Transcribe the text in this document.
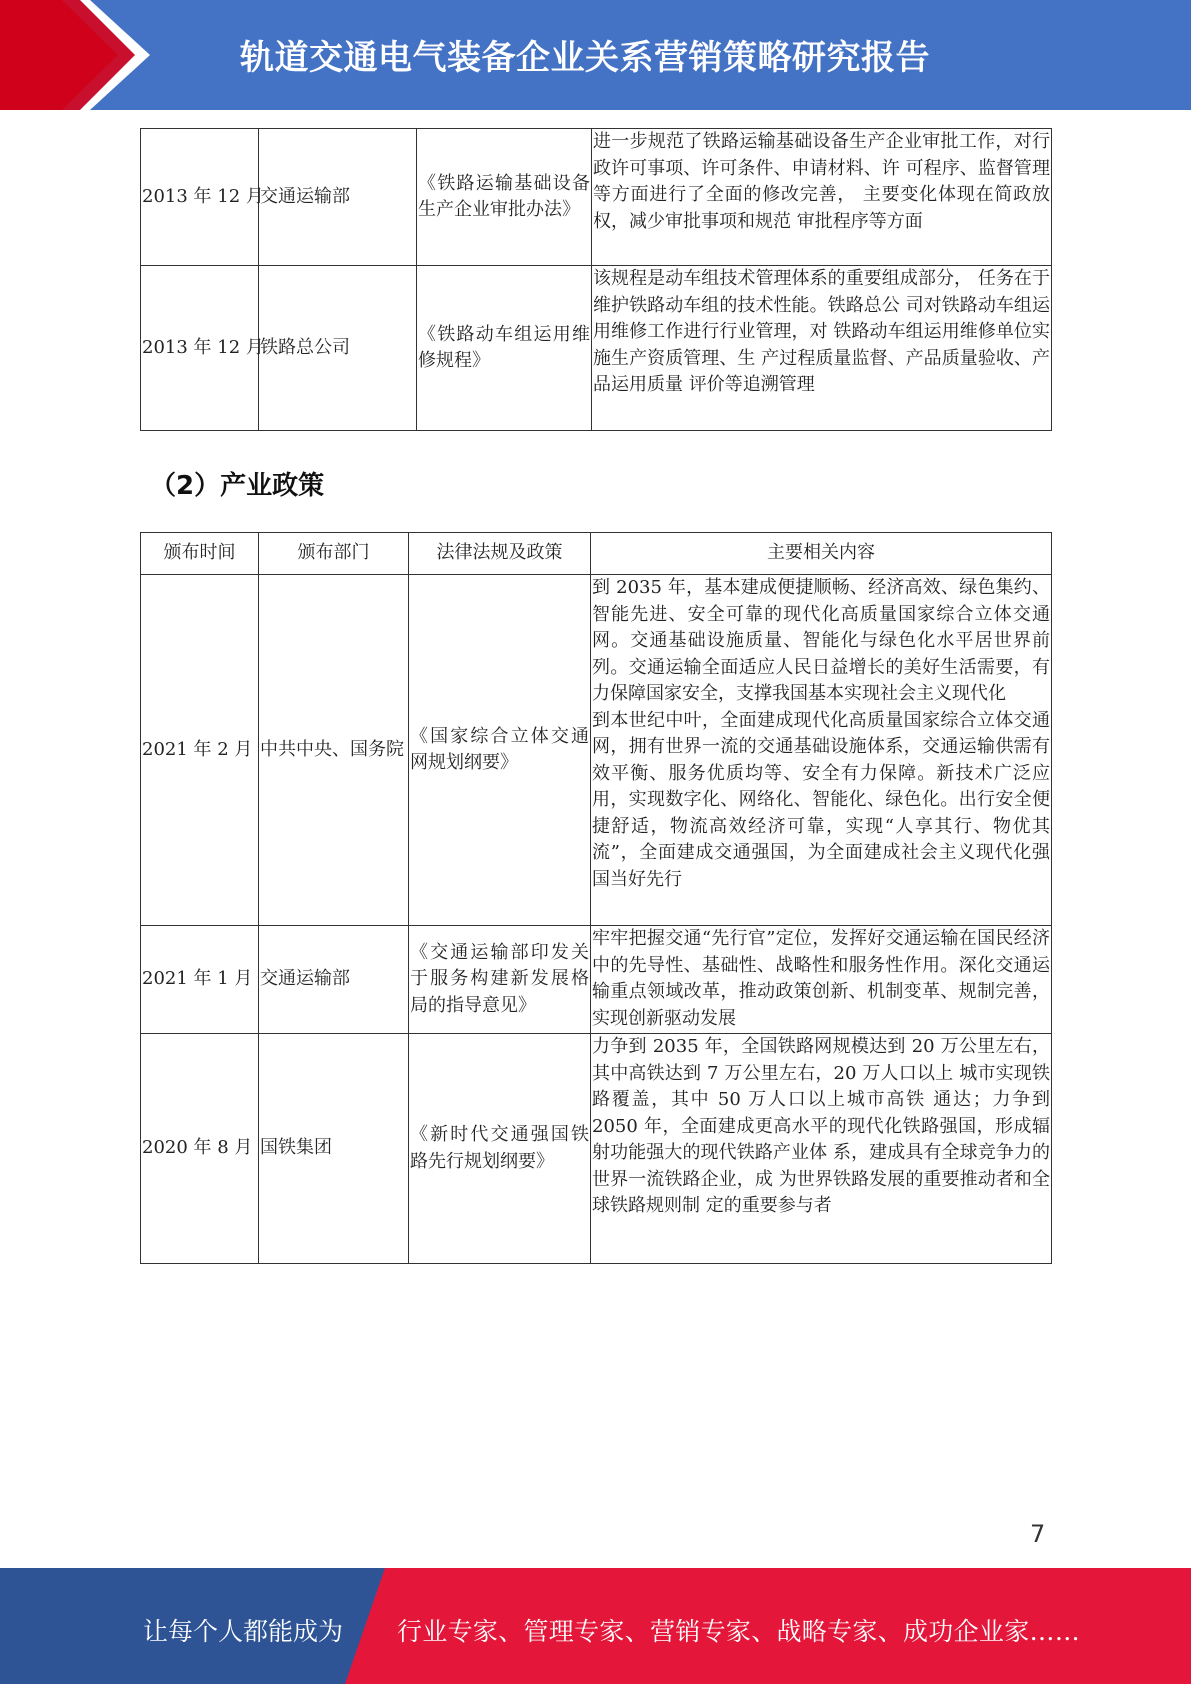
轨道交通电气装备企业关系营销策略研究报告
2013 年 12 月	交通运输部	《铁路运输基础设备生产企业审批办法》	进一步规范了铁路运输基础设备生产企业审批工作，对行政许可事项、许可条件、申请材料、许 可程序、监督管理等方面进行了全面的修改完善， 主要变化体现在简政放权，减少审批事项和规范 审批程序等方面
2013 年 12 月	铁路总公司	《铁路动车组运用维修规程》	该规程是动车组技术管理体系的重要组成部分， 任务在于维护铁路动车组的技术性能。铁路总公 司对铁路动车组运用维修工作进行行业管理，对 铁路动车组运用维修单位实施生产资质管理、生 产过程质量监督、产品质量验收、产品运用质量 评价等追溯管理
（2）产业政策
颁布时间	颁布部门	法律法规及政策	主要相关内容
2021 年 2 月	中共中央、国务院	《国家综合立体交通网规划纲要》	到 2035 年，基本建成便捷顺畅、经济高效、绿色集约、智能先进、安全可靠的现代化高质量国家综合立体交通网。交通基础设施质量、智能化与绿色化水平居世界前列。交通运输全面适应人民日益增长的美好生活需要，有力保障国家安全，支撑我国基本实现社会主义现代化
到本世纪中叶，全面建成现代化高质量国家综合立体交通网，拥有世界一流的交通基础设施体系，交通运输供需有效平衡、服务优质均等、安全有力保障。新技术广泛应用，实现数字化、网络化、智能化、绿色化。出行安全便捷舒适，物流高效经济可靠，实现“人享其行、物优其流”，全面建成交通强国，为全面建成社会主义现代化强国当好先行

2021 年 1 月	交通运输部	《交通运输部印发关于服务构建新发展格局的指导意见》	牢牢把握交通“先行官”定位，发挥好交通运输在国民经济中的先导性、基础性、战略性和服务性作用。深化交通运输重点领域改革，推动政策创新、机制变革、规制完善，实现创新驱动发展
2020 年 8 月	国铁集团	《新时代交通强国铁路先行规划纲要》	力争到 2035 年，全国铁路网规模达到 20 万公里左右，其中高铁达到 7 万公里左右，20 万人口以上 城市实现铁路覆盖，其中 50 万人口以上城市高铁 通达；力争到 2050 年，全面建成更高水平的现代化铁路强国，形成辐射功能强大的现代铁路产业体 系，建成具有全球竞争力的世界一流铁路企业，成 为世界铁路发展的重要推动者和全球铁路规则制 定的重要参与者
7
让每个人都能成为 行业专家、管理专家、营销专家、战略专家、成功企业家……
